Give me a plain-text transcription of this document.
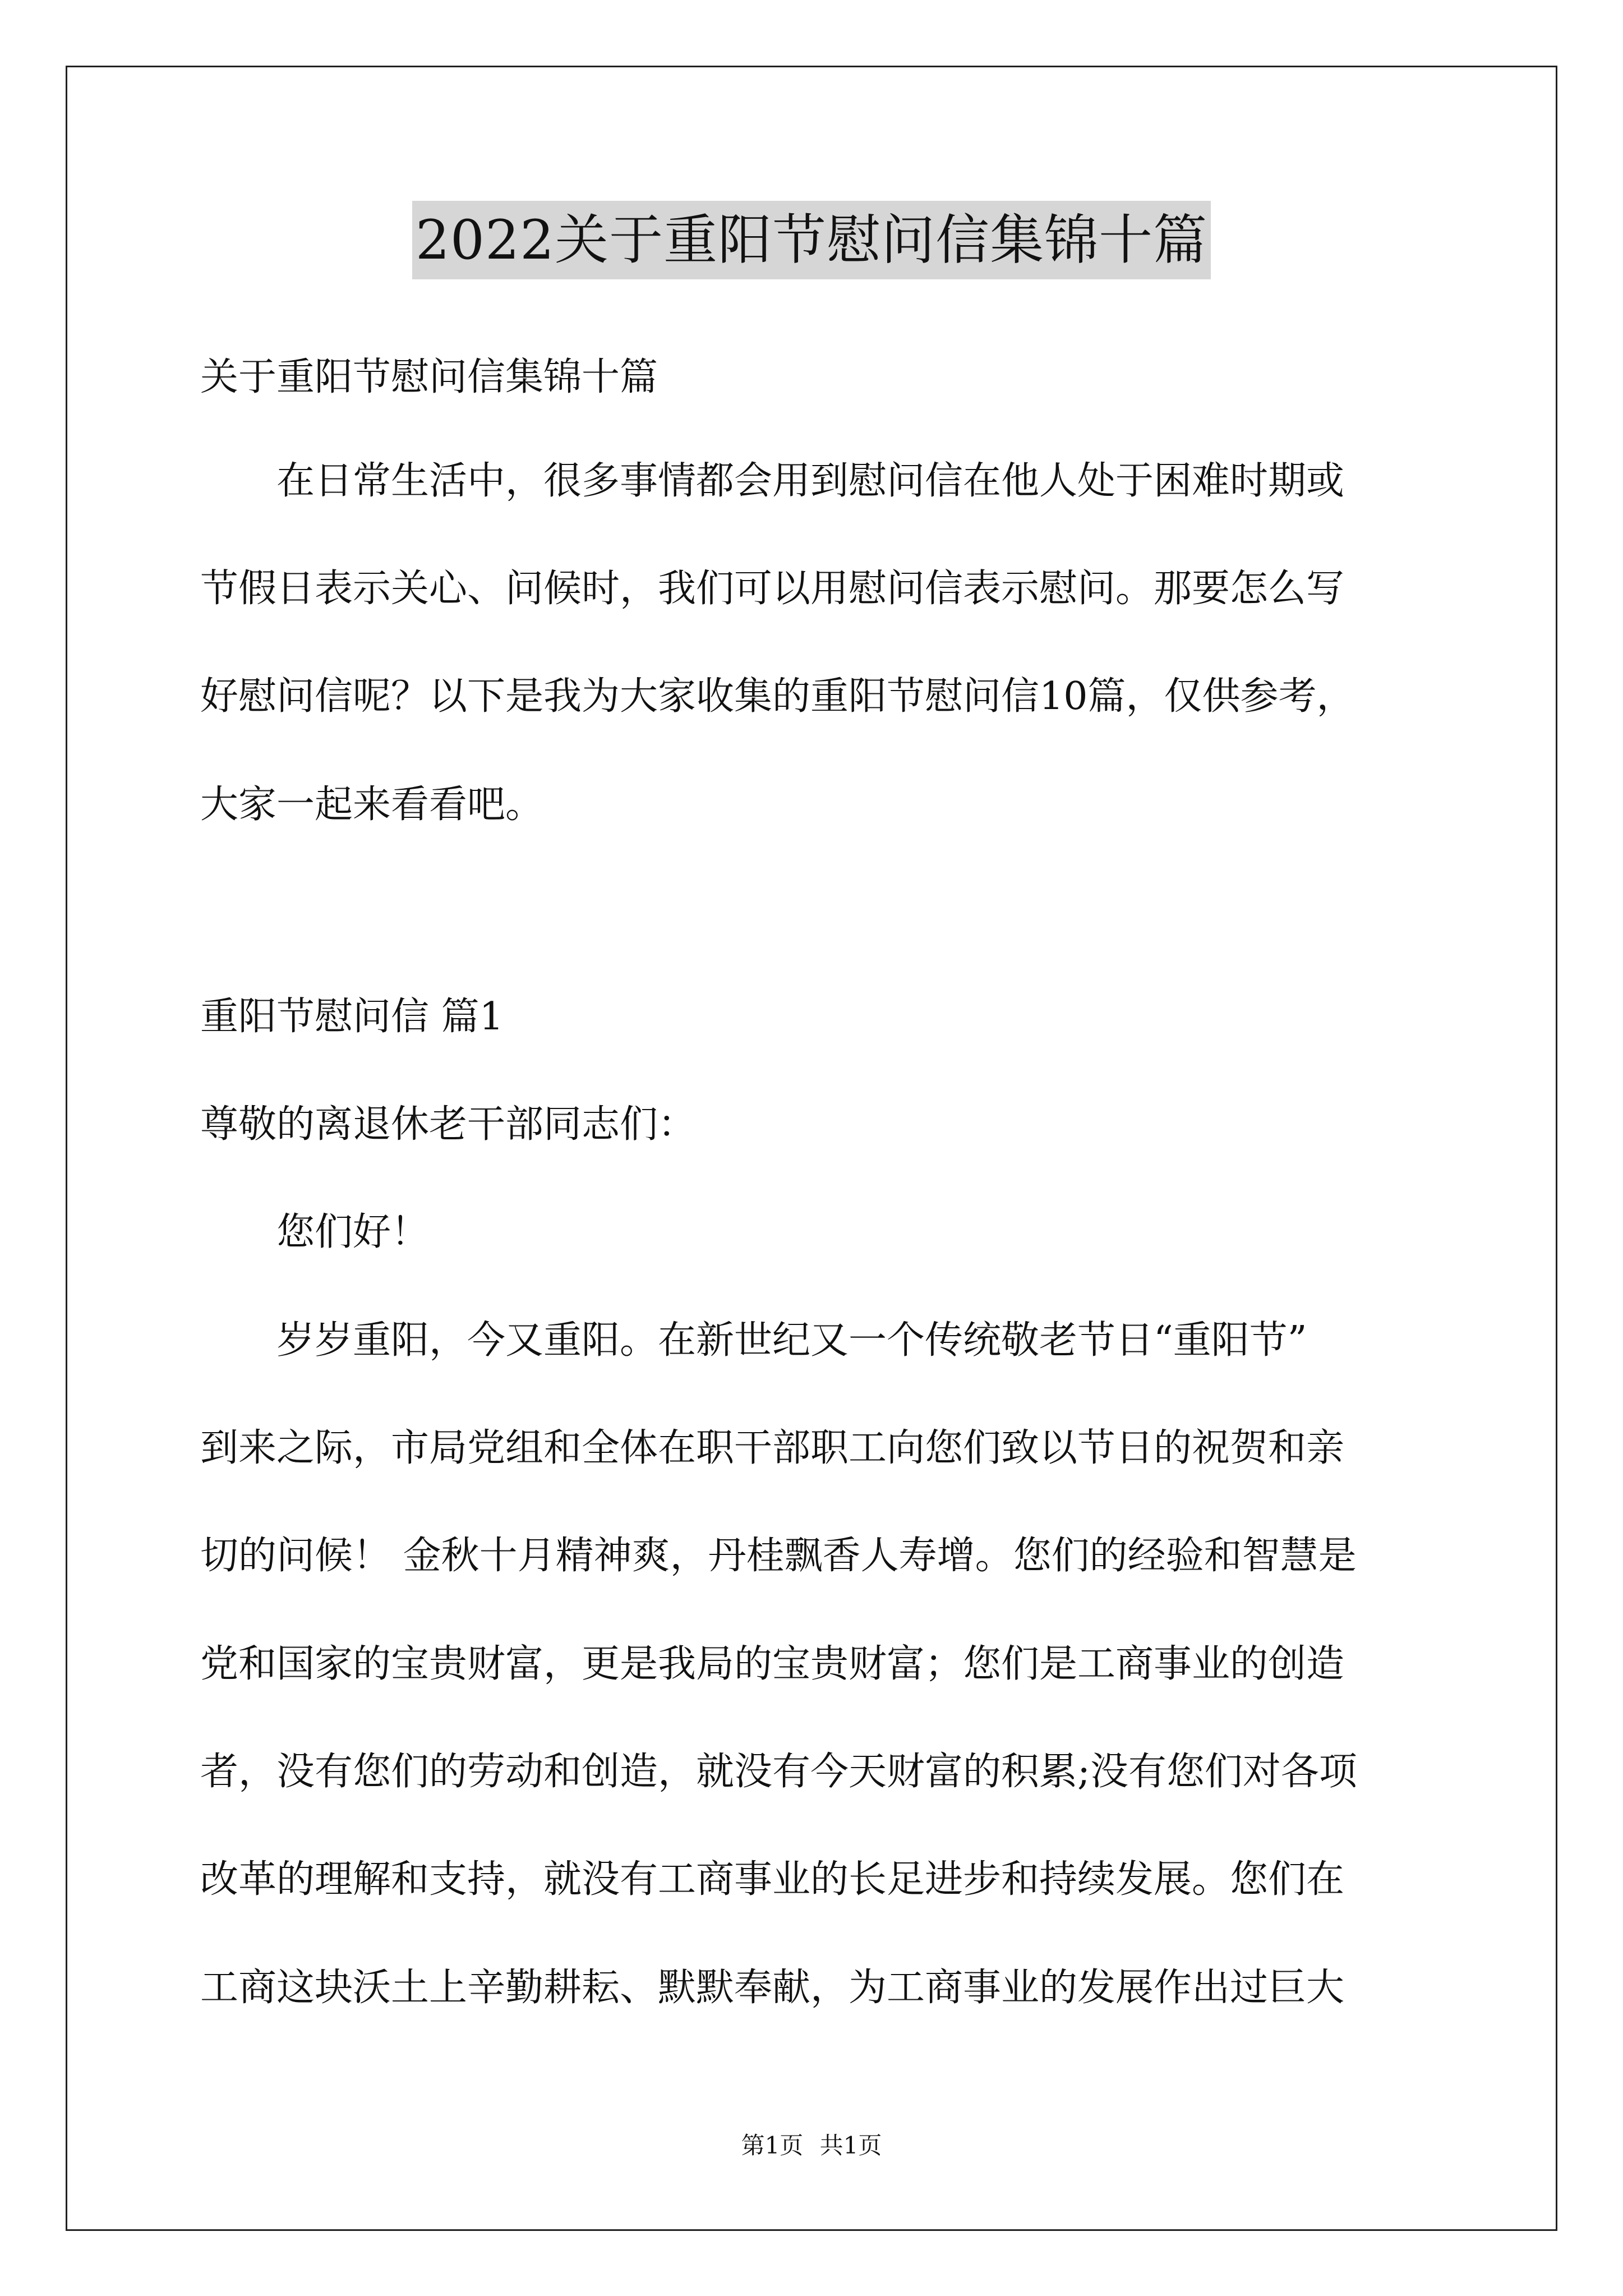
2022关于重阳节慰问信集锦十篇
关于重阳节慰问信集锦十篇
　　在日常生活中，很多事情都会用到慰问信在他人处于困难时期或
节假日表示关心、问候时，我们可以用慰问信表示慰问。那要怎么写
好慰问信呢？以下是我为大家收集的重阳节慰问信10篇，仅供参考，
大家一起来看看吧。
重阳节慰问信 篇1
尊敬的离退休老干部同志们：
　　您们好！
　　岁岁重阳，今又重阳。在新世纪又一个传统敬老节日“重阳节”
到来之际，市局党组和全体在职干部职工向您们致以节日的祝贺和亲
切的问候！ 金秋十月精神爽，丹桂飘香人寿增。您们的经验和智慧是
党和国家的宝贵财富，更是我局的宝贵财富；您们是工商事业的创造
者，没有您们的劳动和创造，就没有今天财富的积累;没有您们对各项
改革的理解和支持，就没有工商事业的长足进步和持续发展。您们在
工商这块沃土上辛勤耕耘、默默奉献，为工商事业的发展作出过巨大
第1页 共1页
